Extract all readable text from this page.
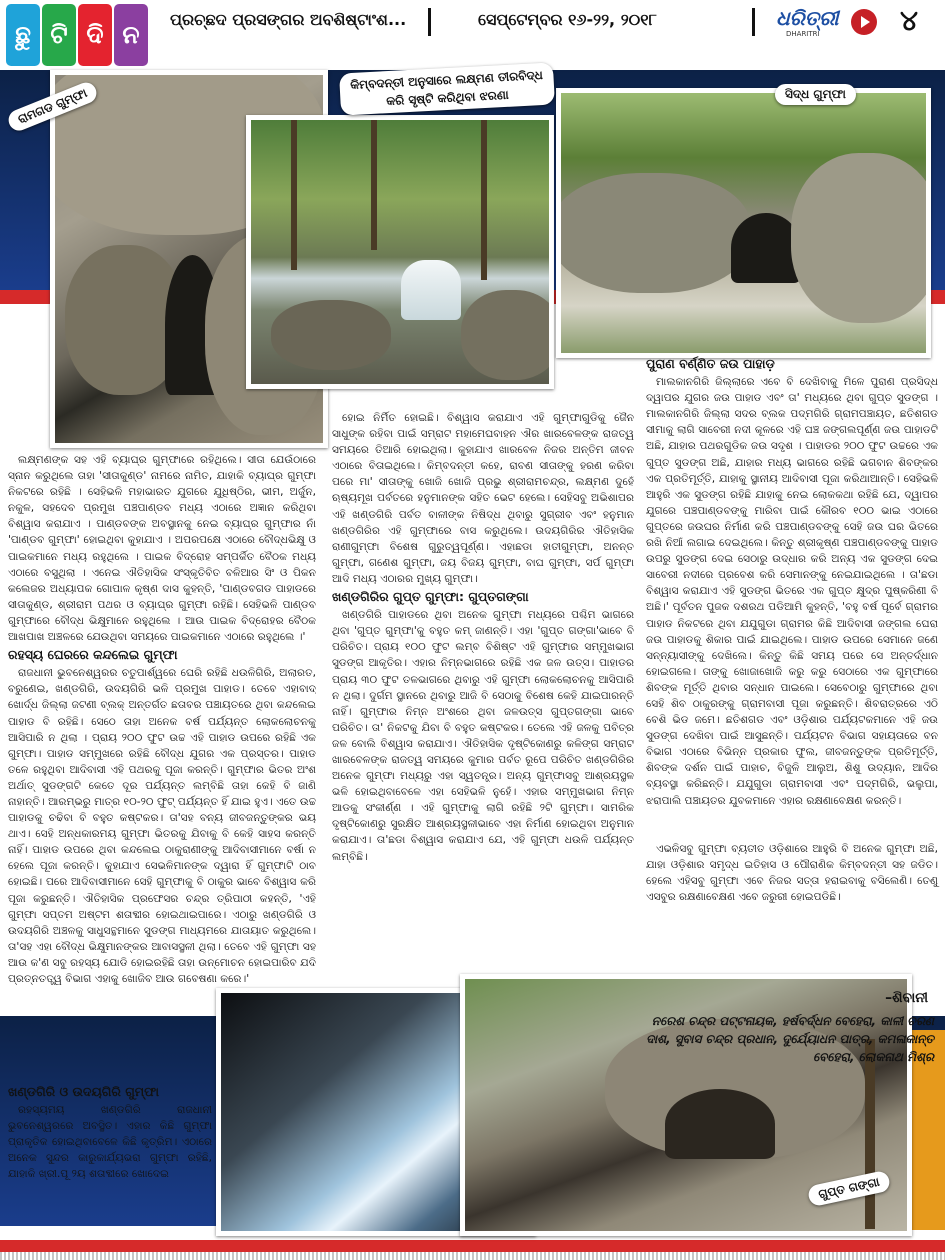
ଛୁ ଟି ଦି ନ
ପ୍ରଚ୍ଛଦ ପ୍ରସଙ୍ଗର ଅବଶିଷ୍ଟାଂଶ...	ସେପ୍ଟେମ୍ବର ୧୬-୨୨, ୨୦୧୮	ଧରିତ୍ରୀ
DHARITRI	୪
ରାମଗଡ ଗୁମ୍ଫା
କିମ୍ବଦନ୍ତୀ ଅନୁସାରେ ଲକ୍ଷ୍ମଣ ତୀରବିଦ୍ଧ କରି ସୃଷ୍ଟି କରିଥିବା ଝରଣା	ସିଦ୍ଧ ଗୁମ୍ଫା
ଗୁପ୍ତ ଗଙ୍ଗା

ଲକ୍ଷ୍ମଣଙ୍କ ସହ ଏହି ବ୍ୟାଘ୍ର ଗୁମ୍ଫାରେ ରହିଥିଲେ। ସୀତା ଯେଉଁଠାରେ ସ୍ନାନ କରୁଥିଲେ ତାହା 'ସୀତାକୁଣ୍ଡ' ନାମରେ ନାମିତ, ଯାହାକି ବ୍ୟାଘ୍ର ଗୁମ୍ଫା ନିକଟରେ ରହିଛି । ସେହିଭଳି ମହାଭାରତ ଯୁଗରେ ଯୁଧିଷ୍ଠିର, ଭୀମ, ଅର୍ଜୁନ, ନକୁଳ, ସହଦେବ ପ୍ରମୁଖ ପଞ୍ଚପାଣ୍ଡବ ମଧ୍ୟ ଏଠାରେ ଅଜ୍ଞାନ କରିଥିବା ବିଶ୍ୱାସ କରାଯାଏ । ପାଣ୍ଡବଙ୍କ ଅବସ୍ଥାନକୁ ନେଇ ବ୍ୟାଘ୍ର ଗୁମ୍ଫାର ନାଁ 'ପାଣ୍ଡବ ଗୁମ୍ଫା' ହୋଇଥିବା କୁହାଯାଏ । ଅପରପକ୍ଷେ ଏଠାରେ ବୌଦ୍ଧଭିକ୍ଷୁ ଓ ପାଇକମାନେ ମଧ୍ୟ ରହୁଥିଲେ । ପାଇକ ବିଦ୍ରୋହ ସମ୍ପର୍କିତ ବୈଠକ ମଧ୍ୟ ଏଠାରେ ବସୁଥିଲା । ଏନେଇ ଐତିହାସିକ ସଂସ୍କୃତିବିତ ବଳିଆର ସିଂ ଓ ପିକନ କଲେଜର ଅଧ୍ୟାପକ ଗୋପାଳ କୃଷ୍ଣ ଦାସ କୁହନ୍ତି, 'ପାଣ୍ଡବଗଡ ପାହାଡରେ ସୀତାକୁଣ୍ଡ, ଶ୍ରୀରାମ ପଥର ଓ ବ୍ୟାଘ୍ର ଗୁମ୍ଫା ରହିଛି। ସେହିଭଳି ପାଣ୍ଡବ ଗୁମ୍ଫାରେ ବୌଦ୍ଧ ଭିକ୍ଷୁମାନେ ରହୁଥିଲେ । ଆଉ ପାଇକ ବିଦ୍ରୋହର ବୈଠକ ଆଖପାଖ ଅଞ୍ଚଳରେ ଯେଉଥିବା ସମୟରେ ପାଇକମାନେ ଏଠାରେ ରହୁଥିଲେ ।'

ରହସ୍ୟ ଘେରରେ କନ୍ଦଲେଇ ଗୁମ୍ଫା

ରାଜଧାନୀ ଭୁବନେଶ୍ୱରର ଚତୁପାର୍ଶ୍ୱରେ ଘେରି ରହିଛି ଧଉଳିଗିରି, ଅଲାରତ, ବରୁଣେଇ, ଖଣ୍ଡଗିରି, ଉଦୟଗିରି ଭଳି ପ୍ରମୁଖ ପାହାଡ। ତେବେ ଏହାବାଦ୍ ଖୋର୍ଦ୍ଧ ଜିଲ୍ଲା ଜଟଣୀ ବ୍ଲକ୍ ଅନ୍ତର୍ଗତ ଛତାବର ପଞ୍ଚାୟତରେ ଥିବା କନ୍ଦଲେଇ ପାହାଡ ବି ରହିଛି। ସେଠେ ତାହା ଅନେକ ବର୍ଷ ପର୍ଯ୍ୟନ୍ତ ଲୋକଲୋଚନକୁ ଆସିପାରି ନ ଥିଲା । ପ୍ରାୟ ୨୦୦ ଫୁଟ ଉଚ୍ଚ ଏହି ପାହାଡ ଉପରେ ରହିଛି ଏକ ଗୁମ୍ଫା। ପାହାଡ ସମ୍ମୁଖରେ ରହିଛି ବୌଦ୍ଧ ଯୁଗର ଏକ ପ୍ରସ୍ତର। ପାହାଡ ତଳେ ରହୁଥିବା ଆଦିବାସୀ ଏହି ପଥରକୁ ପୂଜା କରନ୍ତି। ଗୁମ୍ଫାର ଭିତର ଅଂଶ ଅର୍ଥାତ୍ ସୁଡଙ୍ଗଟି କେତେ ଦୂର ପର୍ଯ୍ୟନ୍ତ ଲମ୍ବିଛି ତାହା କେହି ବି ଜାଣି ନାହାନ୍ତି। ଆରମ୍ଭରୁ ମାତ୍ର ୧୦-୨୦ ଫୁଟ୍ ପର୍ଯ୍ୟନ୍ତ ହିଁ ଯାଇ ହୁଏ। ଏତେ ଉଚ୍ଚ ପାହାଡକୁ ଚଢିବା ବି ବହୁତ କଷ୍ଟକର। ତା'ସହ ବନ୍ୟ ଜୀବଜନ୍ତୁଙ୍କର ଭୟ ଥାଏ। ସେହି ଅନ୍ଧକାରମୟ ଗୁମ୍ଫା ଭିତରକୁ ଯିବାକୁ ବି କେହି ସାହସ କରନ୍ତି ନାହିଁ। ପାହାଡ ଉପରେ ଥିବା କନ୍ଦଲେଇ ଠାକୁରାଣୀଙ୍କୁ ଆଦିବାସୀମାନେ ବର୍ଷା ନ ହେଲେ ପୂଜା କରନ୍ତି। କୁହାଯାଏ ସେଭଳିମାନଙ୍କ ଦ୍ୱାରା ହିଁ ଗୁମ୍ଫାଟି ଠାବ ହୋଇଛି। ପରେ ଆଦିବାସୀମାନେ ସେହି ଗୁମ୍ଫାକୁ ବି ଠାକୁର ଭାବେ ବିଶ୍ୱାସ କରି ପୂଜା କରୁଛନ୍ତି। ଐତିହାସିକ ପ୍ରଫେସର ଚନ୍ଦ୍ର ତ୍ରିପାଠୀ କହନ୍ତି, 'ଏହି ଗୁମ୍ଫା ସପ୍ତମ ଅଷ୍ଟମ ଶତାବ୍ଦୀର ହୋଇଥାଇପାରେ। ଏଠାରୁ ଖଣ୍ଡଗିରି ଓ ଉଦୟଗିରି ଅଞ୍ଚଳକୁ ସାଧୁସନ୍ଥମାନେ ସୁଡଙ୍ଗ ମାଧ୍ୟମରେ ଯାତାୟାତ କରୁଥିଲେ। ତା'ସହ ଏହା ବୌଦ୍ଧ ଭିକ୍ଷୁମାନଙ୍କର ଆବାସସ୍ଥଳୀ ଥିଲା। ତେବେ ଏହି ଗୁମ୍ଫା ସହ ଆଉ କ'ଣ ସବୁ ରହସ୍ୟ ଯୋଡି ହୋଇରହିଛି ତାହା ଉନ୍ମୋଚନ ହୋଇପାରିବ ଯଦି ପ୍ରତ୍ନତତ୍ତ୍ୱ ବିଭାଗ ଏହାକୁ ଖୋଜିବ ଆଉ ଗବେଷଣା କରେ।'

ଖଣ୍ଡଗିରି ଓ ଉଦୟଗିରି ଗୁମ୍ଫା

ରହସ୍ୟମୟ ଖଣ୍ଡଗିରି ରାଜଧାନୀ ଭୁବନେଶ୍ୱରରେ ଅବସ୍ଥିତ। ଏହାର କିଛି ଗୁମ୍ଫା ପ୍ରାକୃତିକ ହୋଇଥିବାବେଳେ କିଛି କୃତ୍ରିମ। ଏଠାରେ ଅନେକ ସୁନ୍ଦର କାରୁକାର୍ଯ୍ୟଭରା ଗୁମ୍ଫା ରହିଛି, ଯାହାକି ଖ୍ରୀ.ପୂ ୨ୟ ଶତାବ୍ଦୀରେ ଖୋଦେଇ

ହୋଇ ନିର୍ମିତ ହୋଇଛି। ବିଶ୍ୱାସ କରାଯାଏ ଏହି ଗୁମ୍ଫାଗୁଡିକୁ ଜୈନ ସାଧୁଙ୍କ ରହିବା ପାଇଁ ସମ୍ରାଟ ମହାମେଘବାହନ ଐର ଖାରବେଳଙ୍କ ରାଜତ୍ୱ ସମୟରେ ତିଆରି ହୋଇଥିଲା। କୁହାଯାଏ ଖାରବେଳ ନିଜର ଅନ୍ତିମ ଜୀବନ ଏଠାରେ ବିତାଇଥିଲେ। କିମ୍ବଦନ୍ତୀ କହେ, ରାବଣ ସୀତାଙ୍କୁ ହରଣ କରିବା ପରେ ମା' ସୀତାଙ୍କୁ ଖୋଜି ଖୋଜି ପ୍ରଭୁ ଶ୍ରୀରାମଚନ୍ଦ୍ର, ଲକ୍ଷ୍ମଣ ଦୁହେଁ ଋଷ୍ୟମୂଖ ପର୍ବତରେ ହନୁମାନଙ୍କ ସହିତ ଭେଟ ହେଲେ। ସେହିସବୁ ଅଭିଶାପର ଏହି ଖଣ୍ଡଗିରି ପର୍ବତ ବାଳୀଙ୍କ ନିଷିଦ୍ଧ ଥିବାରୁ ସୁଗ୍ରୀବ ଏବଂ ହନୁମାନ ଖଣ୍ଡଗିରିର ଏହି ଗୁମ୍ଫାରେ ବାସ କରୁଥିଲେ। ଉଦୟଗିରିର ଐତିହାସିକ ରାଣୀଗୁମ୍ଫା ବିଶେଷ ଗୁରୁତ୍ୱପୂର୍ଣ୍ଣ। ଏହାଛଡା ହାତୀଗୁମ୍ଫା, ଅନନ୍ତ ଗୁମ୍ଫା, ଗଣେଶ ଗୁମ୍ଫା, ଜୟ ବିଜୟ ଗୁମ୍ଫା, ବାଘ ଗୁମ୍ଫା, ସର୍ପ ଗୁମ୍ଫା ଆଦି ମଧ୍ୟ ଏଠାରର ମୁଖ୍ୟ ଗୁମ୍ଫା।

ଖଣ୍ଡଗିରିର ଗୁପ୍ତ ଗୁମ୍ଫା: ଗୁପ୍ତଗଙ୍ଗା

ଖଣ୍ଡଗିରି ପାହାଡରେ ଥିବା ଅନେକ ଗୁମ୍ଫା ମଧ୍ୟରେ ପଶ୍ଚିମ ଭାଗରେ ଥିବା 'ଗୁପ୍ତ ଗୁମ୍ଫା'କୁ ବହୁତ କମ୍ ଜାଣନ୍ତି। ଏହା 'ଗୁପ୍ତ ଗଙ୍ଗା'ଭାବେ ବି ପରିଚିତ। ପ୍ରାୟ ୧୦୦ ଫୁଟ ଲମ୍ବ ବିଶିଷ୍ଟ ଏହି ଗୁମ୍ଫାର ସମ୍ମୁଖଭାଗ ସୁଡଙ୍ଗ ଆକୃତିର। ଏହାର ନିମ୍ନଭାଗରେ ରହିଛି ଏକ ଜଳ ଉତ୍ସ। ପାହାଡର ପ୍ରାୟ ୩୦ ଫୁଟ ତଳଭାଗରେ ଥିବାରୁ ଏହି ଗୁମ୍ଫା ଲୋକଲୋଚନକୁ ଆସିପାରି ନ ଥିଲା। ଦୁର୍ଗମ ସ୍ଥାନରେ ଥିବାରୁ ଆଜି ବି ସେଠାକୁ ବିଶେଷ କେହି ଯାଇପାରନ୍ତି ନାହିଁ। ଗୁମ୍ଫାର ନିମ୍ନ ଅଂଶରେ ଥିବା ଜଳଉତ୍ସ ଗୁପ୍ତଗଙ୍ଗା ଭାବେ ପରିଚିତ। ତା' ନିକଟକୁ ଯିବା ବି ବହୁତ କଷ୍ଟକର। ତେଲେ ଏହି ଜଳକୁ ପବିତ୍ର ଜଳ ବୋଲି ବିଶ୍ୱାସ କରାଯାଏ। ଐତିହାସିକ ଦୃଷ୍ଟିକୋଣରୁ କଳିଙ୍ଗ ସମ୍ରାଟ ଖାରବେଳଙ୍କ ରାଜତ୍ୱ ସମୟରେ କୁମାର ପର୍ବତ ରୂପେ ପରିଚିତ ଖଣ୍ଡଗିରିର ଅନେକ ଗୁମ୍ଫା ମଧ୍ୟରୁ ଏହା ସ୍ୱତନ୍ତ୍ର। ଅନ୍ୟ ଗୁମ୍ଫାସବୁ ଆଶ୍ରୟସ୍ଥଳ ଭଳି ହୋଇଥିବାବେଳେ ଏହା ସେହିଭଳି ନୁହେଁ। ଏହାର ସମ୍ମୁଖଭାଗ ନିମ୍ନ ଆଡକୁ ସଂକୀର୍ଣ୍ଣ । ଏହି ଗୁମ୍ଫାକୁ ଲାଗି ରହିଛି ୨ଟି ଗୁମ୍ଫା। ସାମରିକ ଦୃଷ୍ଟିକୋଣରୁ ସୁରକ୍ଷିତ ଆଶ୍ରୟସ୍ଥଳୀଭାବେ ଏହା ନିର୍ମାଣ ହୋଇଥିବା ଅନୁମାନ କରାଯାଏ। ତା'ଛଡା ବିଶ୍ୱାସ କରାଯାଏ ଯେ, ଏହି ଗୁମ୍ଫା ଧଉଳି ପର୍ଯ୍ୟନ୍ତ ଲମ୍ବିଛି।

ପୁରାଣ ବର୍ଣ୍ଣିତ ଜଉ ପାହାଡ଼

ମାଲକାନଗିରି ଜିଲ୍ଲାରେ ଏବେ ବି ଦେଖିବାକୁ ମିଳେ ପୁରାଣ ପ୍ରସିଦ୍ଧ ଦ୍ୱାପର ଯୁଗର ଜଉ ପାହାଡ ଏବଂ ତା' ମଧ୍ୟରେ ଥିବା ଗୁପ୍ତ ସୁଡଙ୍ଗ । ମାଲକାନଗିରି ଜିଲ୍ଲା ସଦର ବ୍ଲକ ପଦ୍ମଗିରି ଗ୍ରାମପଞ୍ଚାୟତ, ଛତିଶଗଡ ସୀମାକୁ ଲାଗି ସାବେରୀ ନଦୀ କୂଳରେ ଏହି ଘଞ୍ଚ ଜଙ୍ଗଲପୂର୍ଣ୍ଣ ଜଉ ପାହାଡଟି ଅଛି, ଯାହାର ପଥରଗୁଡିକ ଜଉ ସଦୃଶ । ପାହାଡର ୨୦୦ ଫୁଟ ଉଚ୍ଚରେ ଏକ ଗୁପ୍ତ ସୁଡଙ୍ଗ ଅଛି, ଯାହାର ମଧ୍ୟ ଭାଗରେ ରହିଛି ଭଗବାନ ଶିବଙ୍କର ଏକ ପ୍ରତିମୂର୍ତ୍ତି, ଯାହାକୁ ସ୍ଥାନୀୟ ଆଦିବାସୀ ପୂଜା କରିଥାଆନ୍ତି। ସେହିଭଳି ଆହୁରି ଏକ ସୁଡଙ୍ଗ ରହିଛି ଯାହାକୁ ନେଇ ଲୋକକଥା ରହିଛି ଯେ, ଦ୍ୱାପର ଯୁଗରେ ପଞ୍ଚପାଣ୍ଡବଙ୍କୁ ମାରିବା ପାଇଁ କୌରବ ୧୦୦ ଭାଇ ଏଠାରେ ଗୁପ୍ତରେ ଜଉଘର ନିର୍ମାଣ କରି ପଞ୍ଚପାଣ୍ଡବଙ୍କୁ ସେହି ଜଉ ଘର ଭିତରେ ରଖି ନିଆଁ ଲଗାଇ ଦେଇଥିଲେ। କିନ୍ତୁ ଶ୍ରୀକୃଷ୍ଣ ପଞ୍ଚପାଣ୍ଡବଙ୍କୁ ପାହାଡ ଉପରୁ ସୁଡଙ୍ଗ ଦେଇ ସେଠାରୁ ଉଦ୍ଧାର କରି ଅନ୍ୟ ଏକ ସୁଡଙ୍ଗ ଦେଇ ସାବେରୀ ନଦୀରେ ପ୍ରବେଶ କରି ସେମାନଙ୍କୁ ନେଇଯାଇଥିଲେ । ତା'ଛଡା ବିଶ୍ୱାସ କରାଯାଏ ଏହି ସୁଡଙ୍ଗ ଭିତରେ ଏକ ଗୁପ୍ତ କ୍ଷୁଦ୍ର ପୁଷ୍କରିଣୀ ବି ଅଛି।' ପୂର୍ବତନ ପୁଜକ ଦଶରଥ ପଡିଆମି କୁହନ୍ତି, 'ବହୁ ବର୍ଷ ପୂର୍ବେ ଗ୍ରାମର ପାହାଡ ନିକଟରେ ଥିବା ଯଯୁଗୁଡା ଗ୍ରାମର କିଛି ଆଦିବାସୀ ଜଙ୍ଗଲ ଘେରା ଜଉ ପାହାଡକୁ ଶିକାର ପାଇଁ ଯାଇଥିଲେ। ପାହାଡ ଉପରେ ସେମାନେ ଜଣେ ସନ୍ନ୍ୟାସୀଙ୍କୁ ଦେଖିଲେ। କିନ୍ତୁ କିଛି ସମୟ ପରେ ସେ ଅନ୍ତର୍ଦ୍ଧାନ ହୋଇଗଲେ। ତାଙ୍କୁ ଖୋଜାଖୋଜି କରୁ କରୁ ସେଠାରେ ଏକ ଗୁମ୍ଫାରେ ଶିବଙ୍କ ମୂର୍ତ୍ତି ଥିବାର ସନ୍ଧାନ ପାଇଲେ। ସେବେଠାରୁ ଗୁମ୍ଫାରେ ଥିବା ସେହି ଶିବ ଠାକୁରଙ୍କୁ ଗ୍ରାମବାସୀ ପୂଜା କରୁଛନ୍ତି। ଶିବରାତ୍ରରେ ଏଠି ବେଶି ଭିଡ ଜମେ। ଛତିଶଗଡ ଏବଂ ଓଡ଼ିଶାର ପର୍ଯ୍ୟଟକମାନେ ଏହି ଜଉ ସୁଡଙ୍ଗ ଦେଖିବା ପାଇଁ ଆସୁଛନ୍ତି। ପର୍ଯ୍ୟଟନ ବିଭାଗ ସହାୟତାରେ ବନ ବିଭାଗ ଏଠାରେ ବିଭିନ୍ନ ପ୍ରକାର ଫୁଲ, ଜୀବଜନ୍ତୁଙ୍କ ପ୍ରତିମୂର୍ତ୍ତି, ଶିବଙ୍କ ଦର୍ଶନ ପାଇଁ ପାହାଚ, ବିଜୁଳି ଆଲୁଅ, ଶିଶୁ ଉଦ୍ୟାନ, ଆଦିର ବ୍ୟବସ୍ଥା କରିଛନ୍ତି। ଯଯୁଗୁଡା ଗ୍ରାମବାସୀ ଏବଂ ପଦ୍ମଗିରି, ଭଲୁପା, ଝରାପାଲି ପଞ୍ଚାୟତର ଯୁବକମାନେ ଏହାର ରକ୍ଷଣାବେକ୍ଷଣ କରନ୍ତି।

ଏଭଳିସବୁ ଗୁମ୍ଫା ବ୍ୟତୀତ ଓଡ଼ିଶାରେ ଆହୁରି ବି ଅନେକ ଗୁମ୍ଫା ଅଛି, ଯାହା ଓଡ଼ିଶାର ସମୃଦ୍ଧ ଇତିହାସ ଓ ପୌରାଣିକ କିମ୍ବଦନ୍ତୀ ସହ ଜଡିତ। ହେଲେ ଏହିସବୁ ଗୁମ୍ଫା ଏବେ ନିଜର ସତ୍ତା ହରାଇବାକୁ ବସିଲେଣି। ତେଣୁ ଏସବୁର ରକ୍ଷଣାବେକ୍ଷଣ ଏବେ ଜରୁରୀ ହୋଇପଡିଛି।

–ଶିବାନୀ
ନରେଶ ଚନ୍ଦ୍ର ପଟ୍ଟନାୟକ, ହର୍ଷବର୍ଦ୍ଧନ ବେହେରା, କାଳୀ ଚରଣ ଦାଶ, ସୁବାସ ଚନ୍ଦ୍ର ପ୍ରଧାନ, ଦୁର୍ଯ୍ୟୋଧନ ପାତ୍ର, କମଳାକାନ୍ତ ବେହେରା, ଲୋକନାଥ ମିଶ୍ର
